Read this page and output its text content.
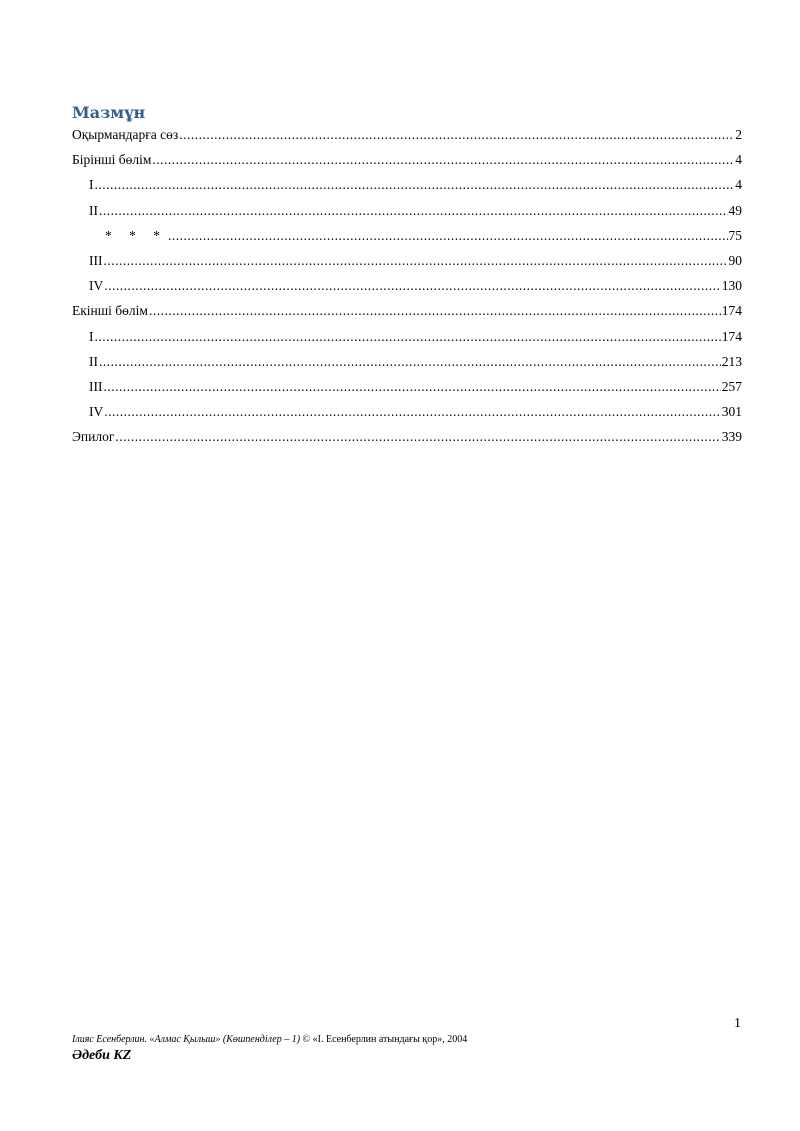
Мазмұн
Оқырмандарға сөз .....	2
Бірінші бөлім .....	4
I .....	4
II .....	49
* * * .....	75
III .....	90
IV .....	130
Екінші бөлім .....	174
I .....	174
II .....	213
III .....	257
IV .....	301
Эпилог .....	339
1
Ілияс Есенберлин. «Алмас Қылыш» (Көшпенділер – 1) © «І. Есенберлин атындағы қор», 2004
Әдеби KZ
